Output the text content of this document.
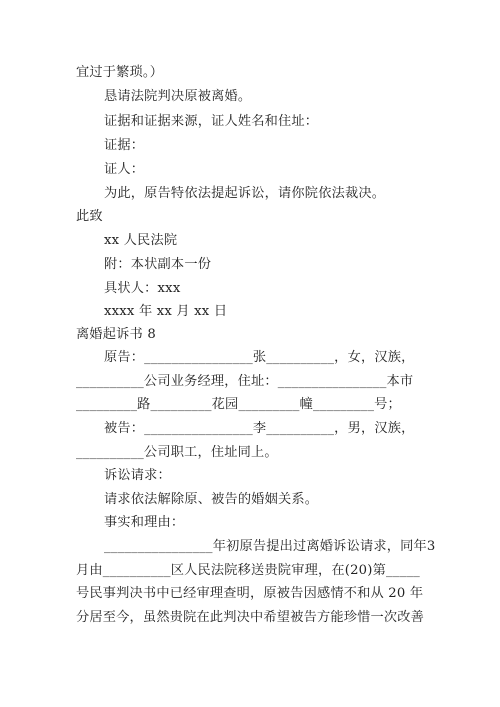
宜过于繁琐。）
恳请法院判决原被离婚。
证据和证据来源，证人姓名和住址：
证据：
证人：
为此，原告特依法提起诉讼，请你院依法裁决。
此致
xx 人民法院
附：本状副本一份
具状人：xxx
xxxx 年 xx 月 xx 日
离婚起诉书 8
原告：________________张__________，女，汉族，
__________公司业务经理，住址：________________本市
_________路_________花园_________幢_________号；
被告：________________李__________，男，汉族，
__________公司职工，住址同上。
诉讼请求：
请求依法解除原、被告的婚姻关系。
事实和理由：
________________年初原告提出过离婚诉讼请求，同年3
月由__________区人民法院移送贵院审理，在(20)第_____
号民事判决书中已经审理查明，原被告因感情不和从 20 年
分居至今，虽然贵院在此判决中希望被告方能珍惜一次改善
